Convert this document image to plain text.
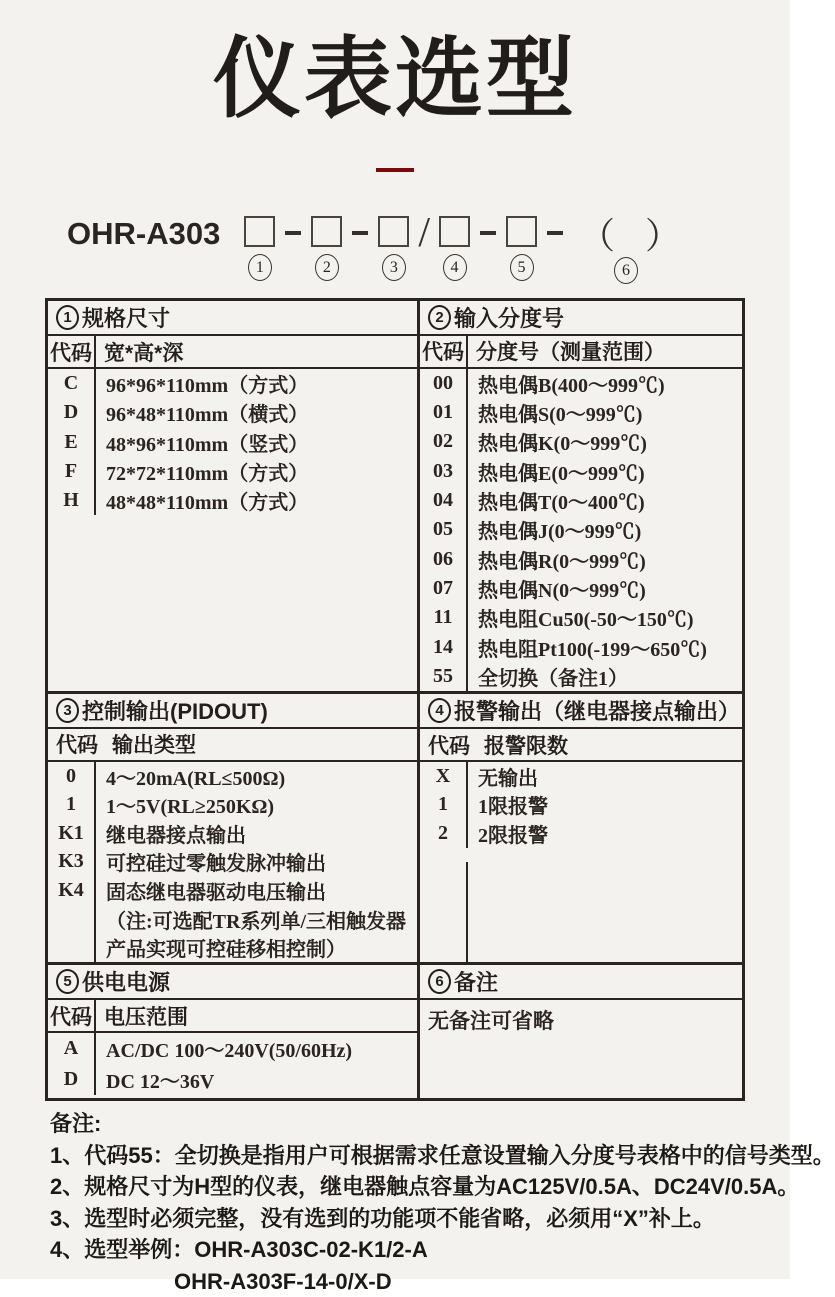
仪表选型
OHR-A303
1	2	3
/
4	5
（ ）
6
1 规格尺寸
代码 宽*高*深
C	96*96*110mm（方式）
D	96*48*110mm（横式）
E	48*96*110mm（竖式）
F	72*72*110mm（方式）
H	48*48*110mm（方式）
2 输入分度号
代码 分度号（测量范围）
00	热电偶B(400～999℃)
01	热电偶S(0～999℃)
02	热电偶K(0～999℃)
03	热电偶E(0～999℃)
04	热电偶T(0～400℃)
05	热电偶J(0～999℃)
06	热电偶R(0～999℃)
07	热电偶N(0～999℃)
11	热电阻Cu50(-50～150℃)
14	热电阻Pt100(-199～650℃)
55	全切换（备注1）
3 控制输出(PIDOUT)
代码 输出类型
0	4～20mA(RL≤500Ω)
1	1～5V(RL≥250KΩ)
K1	继电器接点输出
K3	可控硅过零触发脉冲输出
K4	固态继电器驱动电压输出
（注:可选配TR系列单/三相触发器
产品实现可控硅移相控制）
4 报警输出（继电器接点输出）
代码 报警限数
X	无输出
1	1限报警
2	2限报警
5 供电电源
代码 电压范围
A	AC/DC 100～240V(50/60Hz)
D	DC 12～36V
6 备注
无备注可省略
备注:
1、代码55：全切换是指用户可根据需求任意设置输入分度号表格中的信号类型。
2、规格尺寸为H型的仪表，继电器触点容量为AC125V/0.5A、DC24V/0.5A。
3、选型时必须完整，没有选到的功能项不能省略，必须用“X”补上。
4、选型举例：OHR-A303C-02-K1/2-A
OHR-A303F-14-0/X-D
